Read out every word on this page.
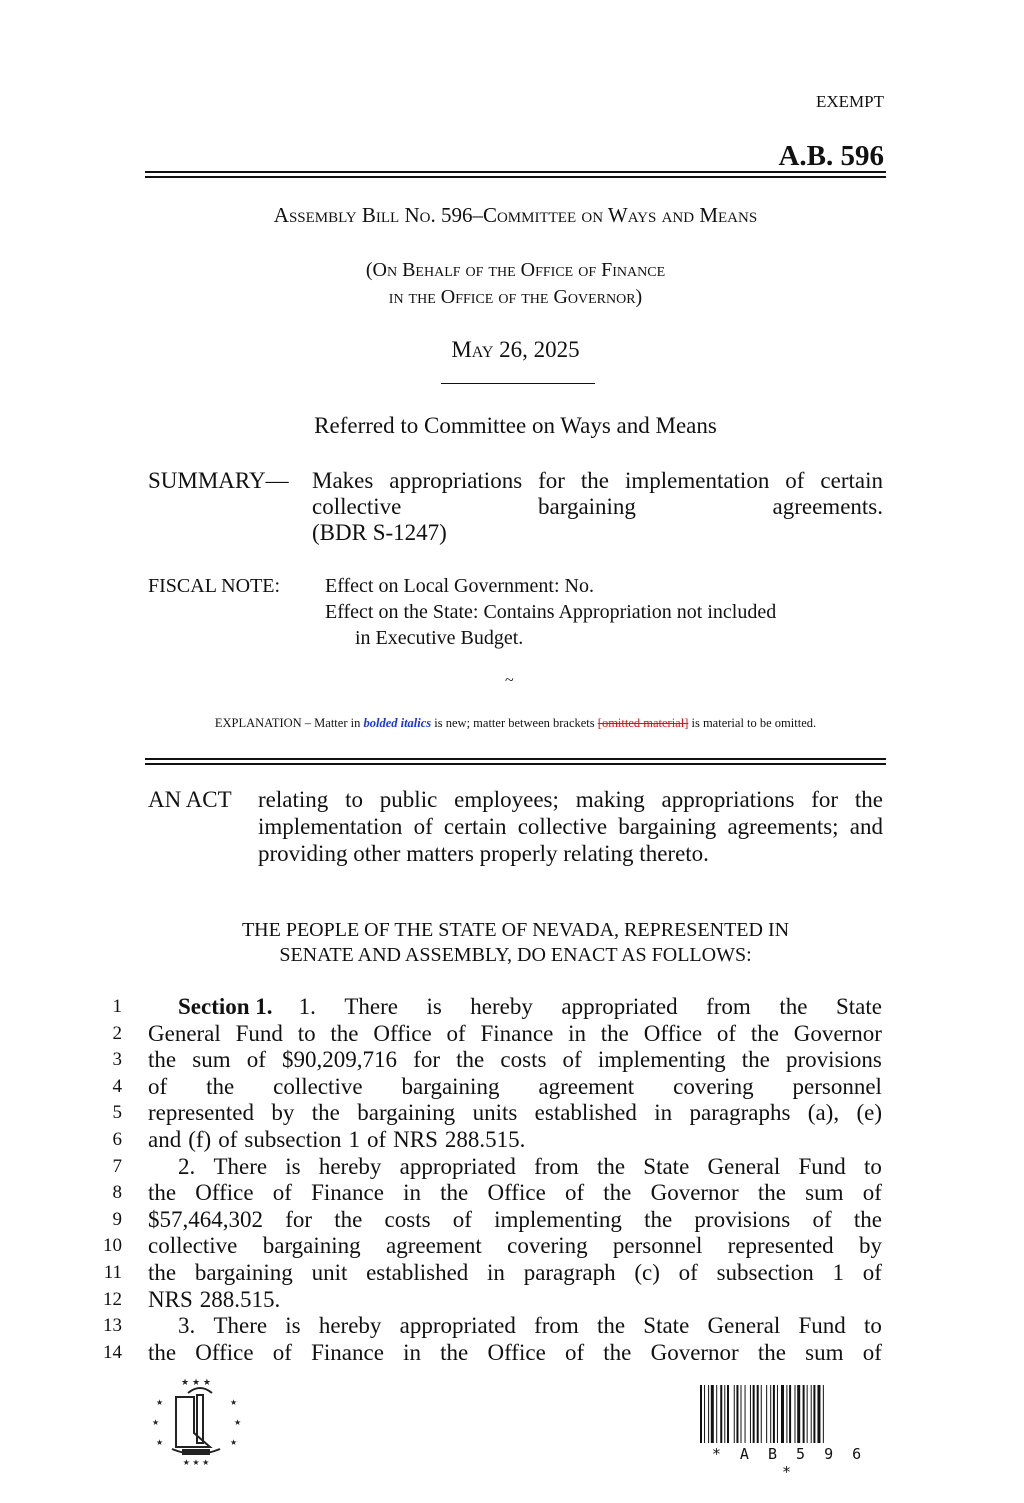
EXEMPT
A.B. 596
Assembly Bill No. 596–Committee on Ways and Means
(On Behalf of the Office of Finance
in the Office of the Governor)
May 26, 2025
Referred to Committee on Ways and Means
SUMMARY— Makes appropriations for the implementation of certain collective bargaining agreements.
(BDR S-1247)
FISCAL NOTE: Effect on Local Government: No.
Effect on the State: Contains Appropriation not included
in Executive Budget.
~
EXPLANATION – Matter in bolded italics is new; matter between brackets [omitted material] is material to be omitted.
AN ACT relating to public employees; making appropriations for the implementation of certain collective bargaining agreements; and providing other matters properly relating thereto.
THE PEOPLE OF THE STATE OF NEVADA, REPRESENTED IN
SENATE AND ASSEMBLY, DO ENACT AS FOLLOWS:
1 Section 1. 1. There is hereby appropriated from the State
2 General Fund to the Office of Finance in the Office of the Governor
3 the sum of $90,209,716 for the costs of implementing the provisions
4 of the collective bargaining agreement covering personnel
5 represented by the bargaining units established in paragraphs (a), (e)
6 and (f) of subsection 1 of NRS 288.515.
7 2. There is hereby appropriated from the State General Fund to
8 the Office of Finance in the Office of the Governor the sum of
9 $57,464,302 for the costs of implementing the provisions of the
10 collective bargaining agreement covering personnel represented by
11 the bargaining unit established in paragraph (c) of subsection 1 of
12 NRS 288.515.
13 3. There is hereby appropriated from the State General Fund to
14 the Office of Finance in the Office of the Governor the sum of
★ ★ ★
★ ★ ★
★
★
★
★
★
★
* A B 5 9 6 *
